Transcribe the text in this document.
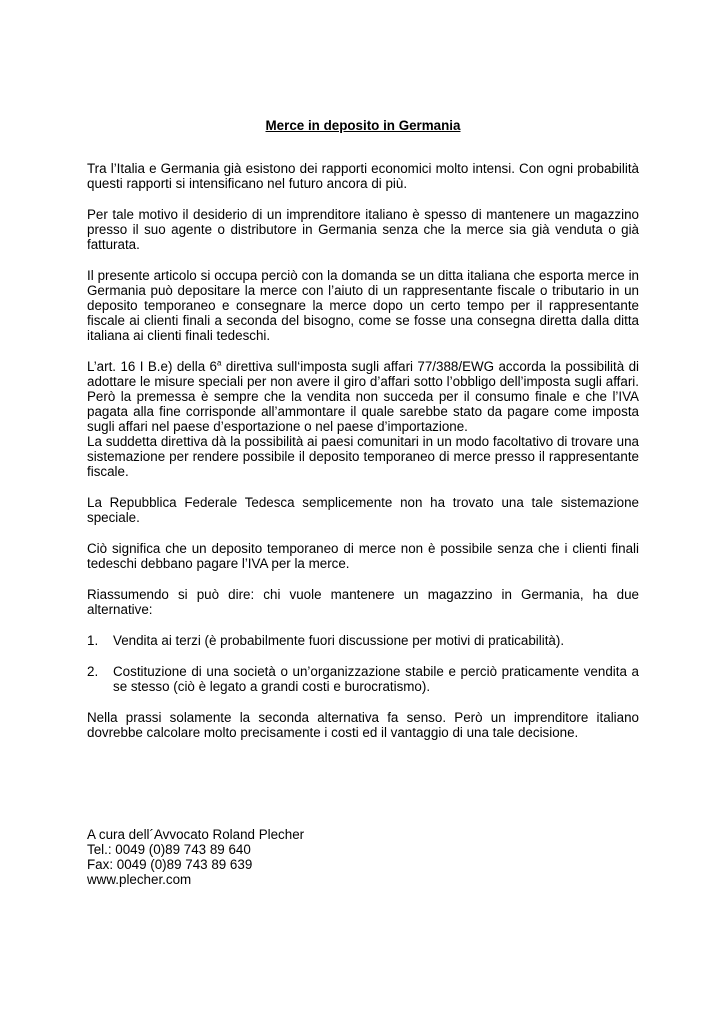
Merce in deposito in Germania

Tra l’Italia e Germania già esistono dei rapporti economici molto intensi. Con ogni probabilità questi rapporti si intensificano nel futuro ancora di più.

Per tale motivo il desiderio di un imprenditore italiano è spesso di mantenere un magazzino presso il suo agente o distributore in Germania senza che la merce sia già venduta o già fatturata.

Il presente articolo si occupa perciò con la domanda se un ditta italiana che esporta merce in Germania può depositare la merce con l’aiuto di un rappresentante fiscale o tributario in un deposito temporaneo e consegnare la merce dopo un certo tempo per il rappresentante fiscale ai clienti finali a seconda del bisogno, come se fosse una consegna diretta dalla ditta italiana ai clienti finali tedeschi.

L’art. 16 I B.e) della 6$^a$ direttiva sull‘imposta sugli affari 77/388/EWG accorda la possibilità di adottare le misure speciali per non avere il giro d’affari sotto l’obbligo dell’imposta sugli affari. Però la premessa è sempre che la vendita non succeda per il consumo finale e che l’IVA pagata alla fine corrisponde all’ammontare il quale sarebbe stato da pagare come imposta sugli affari nel paese d’esportazione o nel paese d’importazione.

La suddetta direttiva dà la possibilità ai paesi comunitari in un modo facoltativo di trovare una sistemazione per rendere possibile il deposito temporaneo di merce presso il rappresentante fiscale.

La Repubblica Federale Tedesca semplicemente non ha trovato una tale sistemazione speciale.

Ciò significa che un deposito temporaneo di merce non è possibile senza che i clienti finali tedeschi debbano pagare l’IVA per la merce.

Riassumendo si può dire: chi vuole mantenere un magazzino in Germania, ha due alternative:

1. Vendita ai terzi (è probabilmente fuori discussione per motivi di praticabilità).
2. Costituzione di una società o un’organizzazione stabile e perciò praticamente vendita a se stesso (ciò è legato a grandi costi e burocratismo).

Nella prassi solamente la seconda alternativa fa senso. Però un imprenditore italiano dovrebbe calcolare molto precisamente i costi ed il vantaggio di una tale decisione.

A cura dell´Avvocato Roland Plecher
Tel.: 0049 (0)89 743 89 640
Fax: 0049 (0)89 743 89 639
www.plecher.com
